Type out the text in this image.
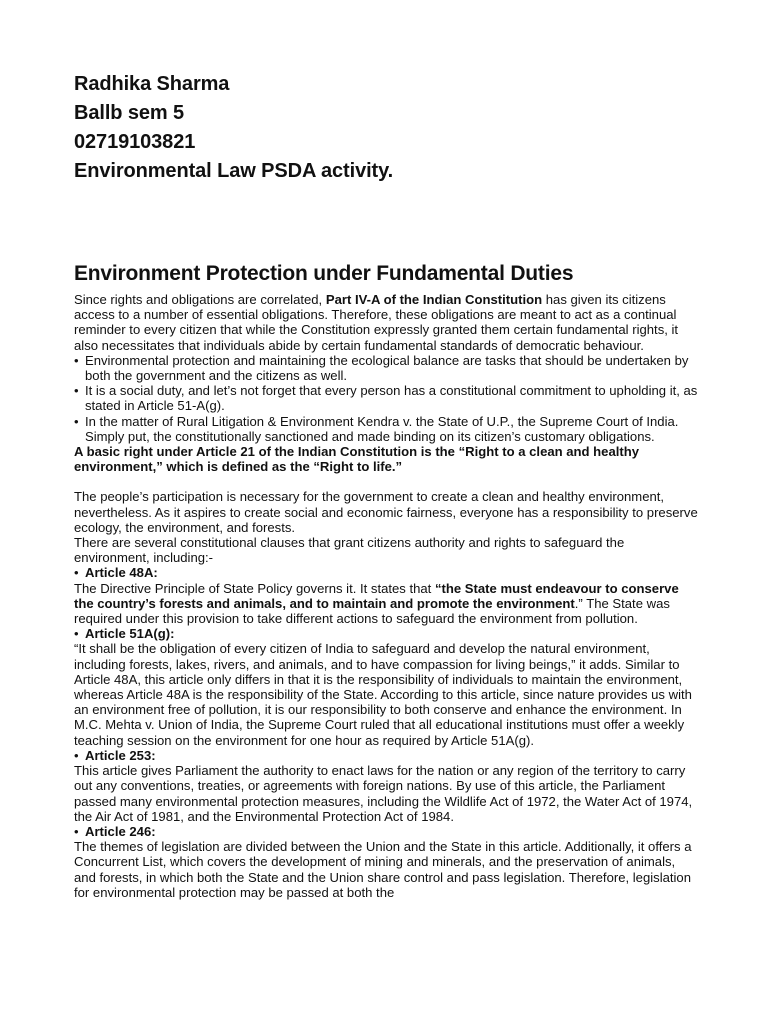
Radhika Sharma
Ballb sem 5
02719103821
Environmental Law PSDA activity.
Environment Protection under Fundamental Duties

Since rights and obligations are correlated, Part IV-A of the Indian Constitution has given its citizens access to a number of essential obligations. Therefore, these obligations are meant to act as a continual reminder to every citizen that while the Constitution expressly granted them certain fundamental rights, it also necessitates that individuals abide by certain fundamental standards of democratic behaviour.

• Environmental protection and maintaining the ecological balance are tasks that should be undertaken by both the government and the citizens as well.
• It is a social duty, and let’s not forget that every person has a constitutional commitment to upholding it, as stated in Article 51-A(g).
• In the matter of Rural Litigation & Environment Kendra v. the State of U.P., the Supreme Court of India. Simply put, the constitutionally sanctioned and made binding on its citizen’s customary obligations.

A basic right under Article 21 of the Indian Constitution is the “Right to a clean and healthy environment,” which is defined as the “Right to life.”

The people’s participation is necessary for the government to create a clean and healthy environment, nevertheless. As it aspires to create social and economic fairness, everyone has a responsibility to preserve ecology, the environment, and forests.

There are several constitutional clauses that grant citizens authority and rights to safeguard the environment, including:-

• Article 48A:

The Directive Principle of State Policy governs it. It states that “the State must endeavour to conserve the country’s forests and animals, and to maintain and promote the environment.” The State was required under this provision to take different actions to safeguard the environment from pollution.

• Article 51A(g):

“It shall be the obligation of every citizen of India to safeguard and develop the natural environment, including forests, lakes, rivers, and animals, and to have compassion for living beings,” it adds. Similar to Article 48A, this article only differs in that it is the responsibility of individuals to maintain the environment, whereas Article 48A is the responsibility of the State. According to this article, since nature provides us with an environment free of pollution, it is our responsibility to both conserve and enhance the environment. In M.C. Mehta v. Union of India, the Supreme Court ruled that all educational institutions must offer a weekly teaching session on the environment for one hour as required by Article 51A(g).

• Article 253:

This article gives Parliament the authority to enact laws for the nation or any region of the territory to carry out any conventions, treaties, or agreements with foreign nations. By use of this article, the Parliament passed many environmental protection measures, including the Wildlife Act of 1972, the Water Act of 1974, the Air Act of 1981, and the Environmental Protection Act of 1984.

• Article 246:

The themes of legislation are divided between the Union and the State in this article. Additionally, it offers a Concurrent List, which covers the development of mining and minerals, and the preservation of animals, and forests, in which both the State and the Union share control and pass legislation. Therefore, legislation for environmental protection may be passed at both the
